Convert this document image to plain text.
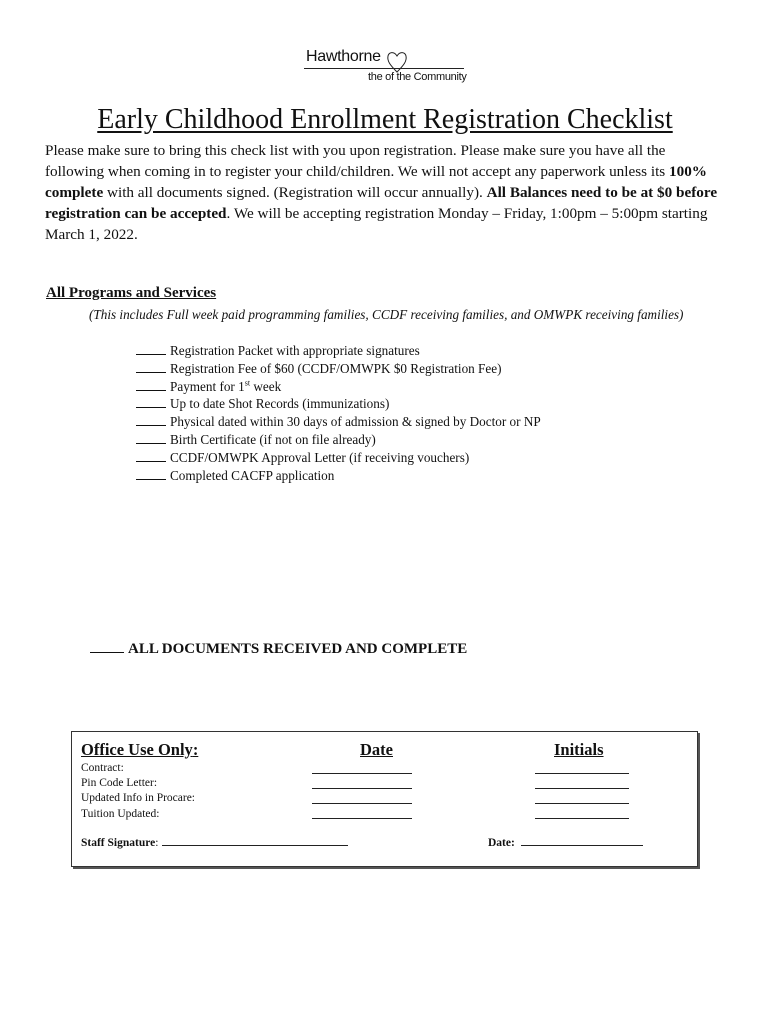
Hawthorne
the of the Community
Early Childhood Enrollment Registration Checklist
Please make sure to bring this check list with you upon registration. Please make sure you have all the following when coming in to register your child/children. We will not accept any paperwork unless its 100% complete with all documents signed. (Registration will occur annually). All Balances need to be at $0 before registration can be accepted. We will be accepting registration Monday – Friday, 1:00pm – 5:00pm starting March 1, 2022.
All Programs and Services
(This includes Full week paid programming families, CCDF receiving families, and OMWPK receiving families)
Registration Packet with appropriate signatures
Registration Fee of $60 (CCDF/OMWPK $0 Registration Fee)
Payment for 1st week
Up to date Shot Records (immunizations)
Physical dated within 30 days of admission & signed by Doctor or NP
Birth Certificate (if not on file already)
CCDF/OMWPK Approval Letter (if receiving vouchers)
Completed CACFP application
ALL DOCUMENTS RECEIVED AND COMPLETE
Office Use Only:	Date	Initials
Contract:
Pin Code Letter:
Updated Info in Procare:
Tuition Updated:
Staff Signature:	Date:
